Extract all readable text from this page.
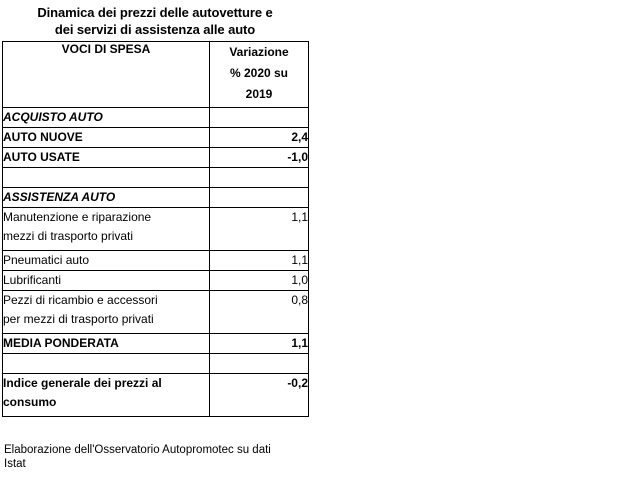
Dinamica dei prezzi delle autovetture e
dei servizi di assistenza alle auto
VOCI DI SPESA	Variazione
% 2020 su
2019

ACQUISTO AUTO	

AUTO NUOVE	2,4

AUTO USATE	-1,0

ASSISTENZA AUTO	

Manutenzione e riparazione
mezzi di trasporto privati	1,1

Pneumatici auto	1,1

Lubrificanti	1,0

Pezzi di ricambio e accessori
per mezzi di trasporto privati	0,8

MEDIA PONDERATA	1,1

Indice generale dei prezzi al
consumo	-0,2
Elaborazione dell'Osservatorio Autopromotec su dati
Istat
